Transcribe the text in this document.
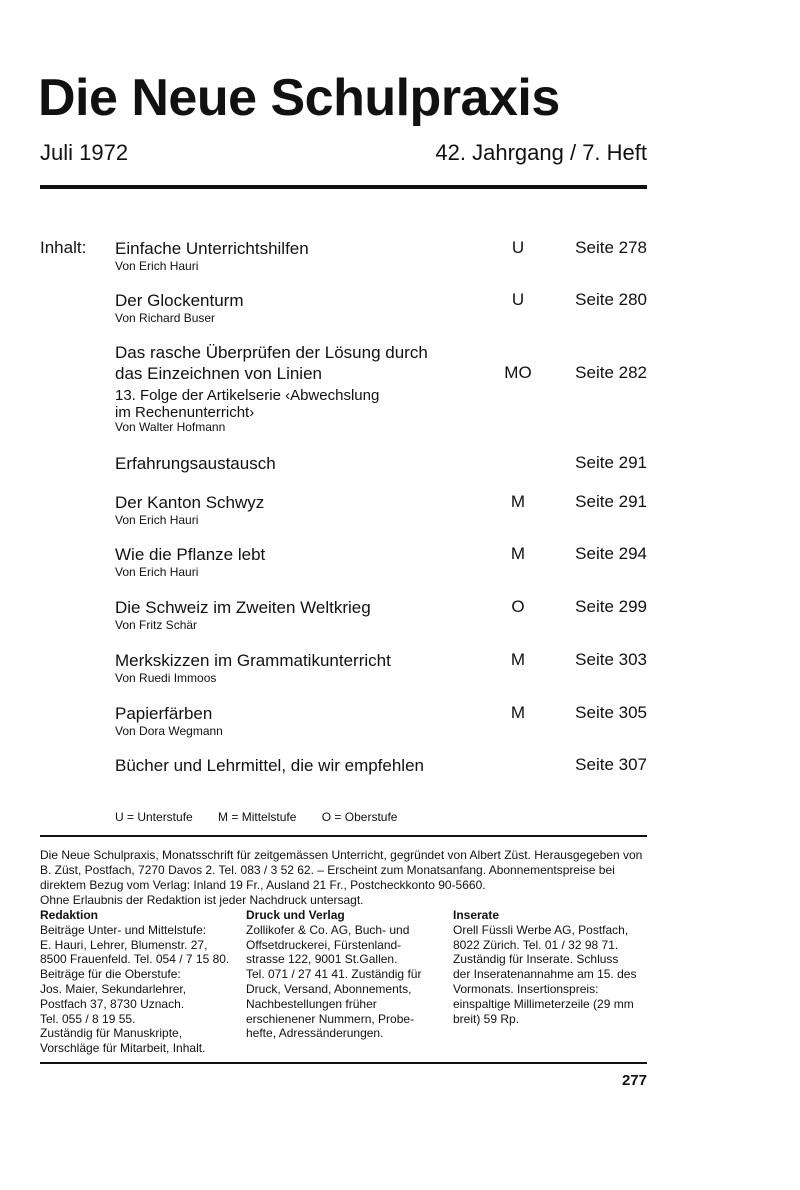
Die Neue Schulpraxis
Juli 1972	42. Jahrgang / 7. Heft
Inhalt: Einfache Unterrichtshilfen
Von Erich Hauri
U	Seite 278
Der Glockenturm
Von Richard Buser
U	Seite 280
Das rasche Überprüfen der Lösung durch
das Einzeichnen von Linien
13. Folge der Artikelserie ‹Abwechslung
im Rechenunterricht›
Von Walter Hofmann
MO	Seite 282
Erfahrungsaustausch	Seite 291
Der Kanton Schwyz
Von Erich Hauri
M	Seite 291
Wie die Pflanze lebt
Von Erich Hauri
M	Seite 294
Die Schweiz im Zweiten Weltkrieg
Von Fritz Schär
O	Seite 299
Merkskizzen im Grammatikunterricht
Von Ruedi Immoos
M	Seite 303
Papierfärben
Von Dora Wegmann
M	Seite 305
Bücher und Lehrmittel, die wir empfehlen	Seite 307
U = Unterstufe M = Mittelstufe O = Oberstufe

Die Neue Schulpraxis, Monatsschrift für zeitgemässen Unterricht, gegründet von Albert Züst. Herausgegeben von B. Züst, Postfach, 7270 Davos 2. Tel. 083 / 3 52 62. – Erscheint zum Monatsanfang. Abonnementspreise bei direktem Bezug vom Verlag: Inland 19 Fr., Ausland 21 Fr., Postcheckkonto 90-5660.

Ohne Erlaubnis der Redaktion ist jeder Nachdruck untersagt.

Redaktion

Beiträge Unter- und Mittelstufe:
E. Hauri, Lehrer, Blumenstr. 27,
8500 Frauenfeld. Tel. 054 / 7 15 80.
Beiträge für die Oberstufe:
Jos. Maier, Sekundarlehrer,
Postfach 37, 8730 Uznach.
Tel. 055 / 8 19 55.
Zuständig für Manuskripte,
Vorschläge für Mitarbeit, Inhalt.

Druck und Verlag

Zollikofer & Co. AG, Buch- und
Offsetdruckerei, Fürstenland-
strasse 122, 9001 St.Gallen.
Tel. 071 / 27 41 41. Zuständig für
Druck, Versand, Abonnements,
Nachbestellungen früher
erschienener Nummern, Probe-
hefte, Adressänderungen.

Inserate

Orell Füssli Werbe AG, Postfach,
8022 Zürich. Tel. 01 / 32 98 71.
Zuständig für Inserate. Schluss
der Inseratenannahme am 15. des
Vormonats. Insertionspreis:
einspaltige Millimeterzeile (29 mm
breit) 59 Rp.

277
